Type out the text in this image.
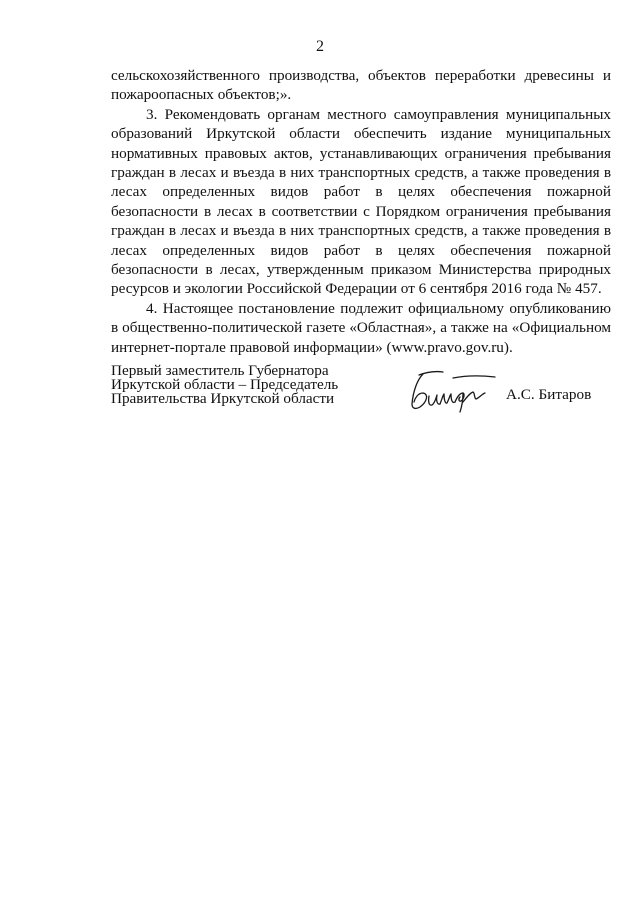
2

сельскохозяйственного производства, объектов переработки древесины и пожароопасных объектов;».

3. Рекомендовать органам местного самоуправления муниципальных образований Иркутской области обеспечить издание муниципальных нормативных правовых актов, устанавливающих ограничения пребывания граждан в лесах и въезда в них транспортных средств, а также проведения в лесах определенных видов работ в целях обеспечения пожарной безопасности в лесах в соответствии с Порядком ограничения пребывания граждан в лесах и въезда в них транспортных средств, а также проведения в лесах определенных видов работ в целях обеспечения пожарной безопасности в лесах, утвержденным приказом Министерства природных ресурсов и экологии Российской Федерации от 6 сентября 2016 года № 457.

4. Настоящее постановление подлежит официальному опубликованию в общественно-политической газете «Областная», а также на «Официальном интернет-портале правовой информации» (www.pravo.gov.ru).

Первый заместитель Губернатора
Иркутской области – Председатель
Правительства Иркутской области	А.С. Битаров
